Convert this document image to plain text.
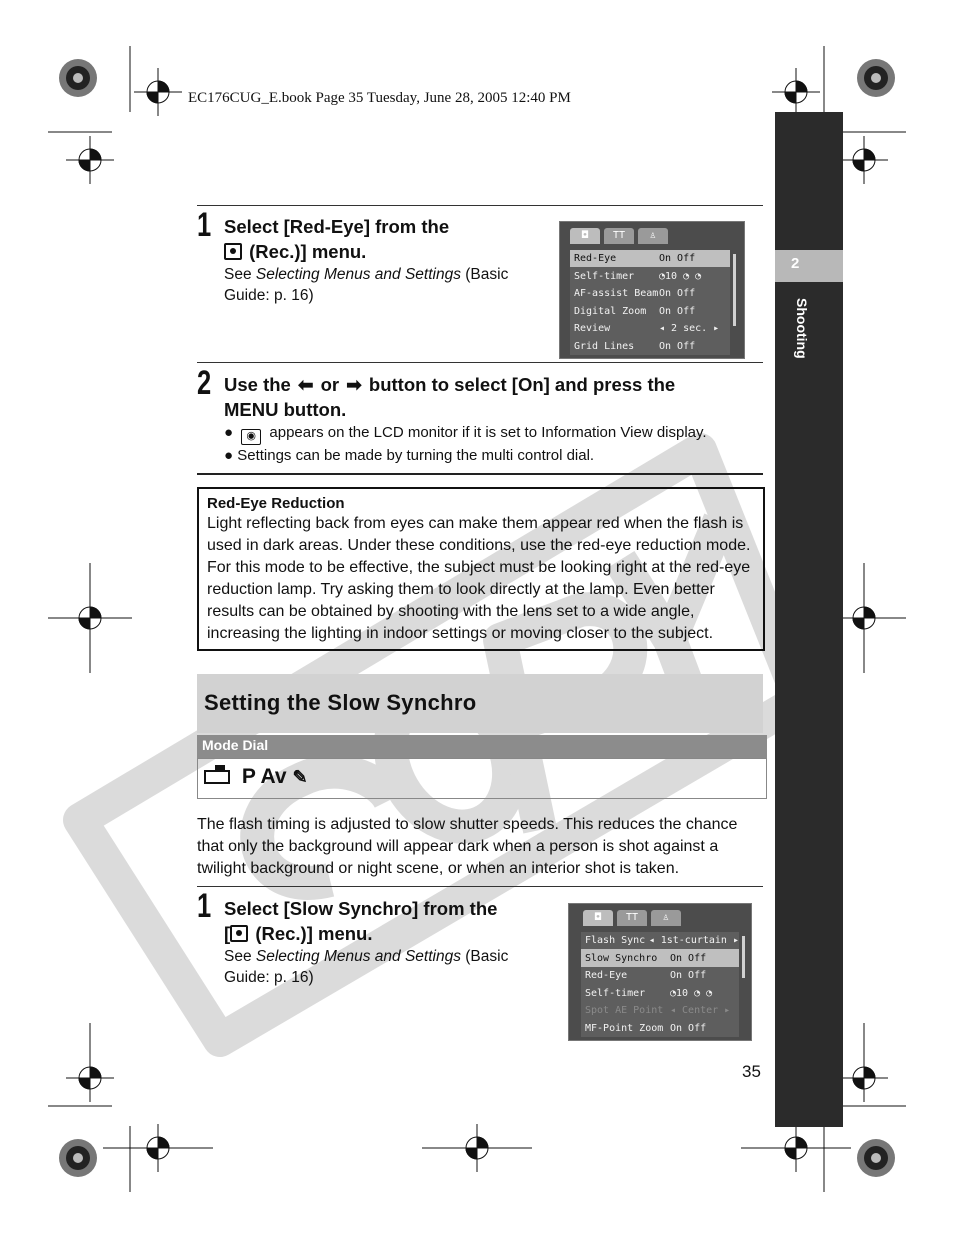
EC176CUG_E.book Page 35 Tuesday, June 28, 2005 12:40 PM
2
Shooting
1 Select [Red-Eye] from the
(Rec.)] menu.
See Selecting Menus and Settings (Basic
Guide: p. 16)
◘	TT	♙
Red-Eye	On Off
Self-timer	◔10 ◔ ◔
AF-assist Beam On Off
Digital Zoom	On Off
Review	◂ 2 sec. ▸
Grid Lines	On Off
2 Use the ⬅ or ➡ button to select [On] and press the
MENU button.
● ◉ appears on the LCD monitor if it is set to Information View display.
● Settings can be made by turning the multi control dial.
Red-Eye Reduction
Light reflecting back from eyes can make them appear red when the flash is used in dark areas. Under these conditions, use the red-eye reduction mode. For this mode to be effective, the subject must be looking right at the red-eye reduction lamp. Try asking them to look directly at the lamp. Even better results can be obtained by shooting with the lens set to a wide angle, increasing the lighting in indoor settings or moving closer to the subject.
Setting the Slow Synchro
Mode Dial
P Av ✎
The flash timing is adjusted to slow shutter speeds. This reduces the chance that only the background will appear dark when a person is shot against a twilight background or night scene, or when an interior shot is taken.
1 Select [Slow Synchro] from the
[ (Rec.)] menu.
See Selecting Menus and Settings (Basic
Guide: p. 16)
◘	TT	♙
Flash Sync ◂ 1st-curtain ▸
Slow Synchro	On Off
Red-Eye	On Off
Self-timer	◔10 ◔ ◔
Spot AE Point ◂ Center ▸
MF-Point Zoom On Off
35
